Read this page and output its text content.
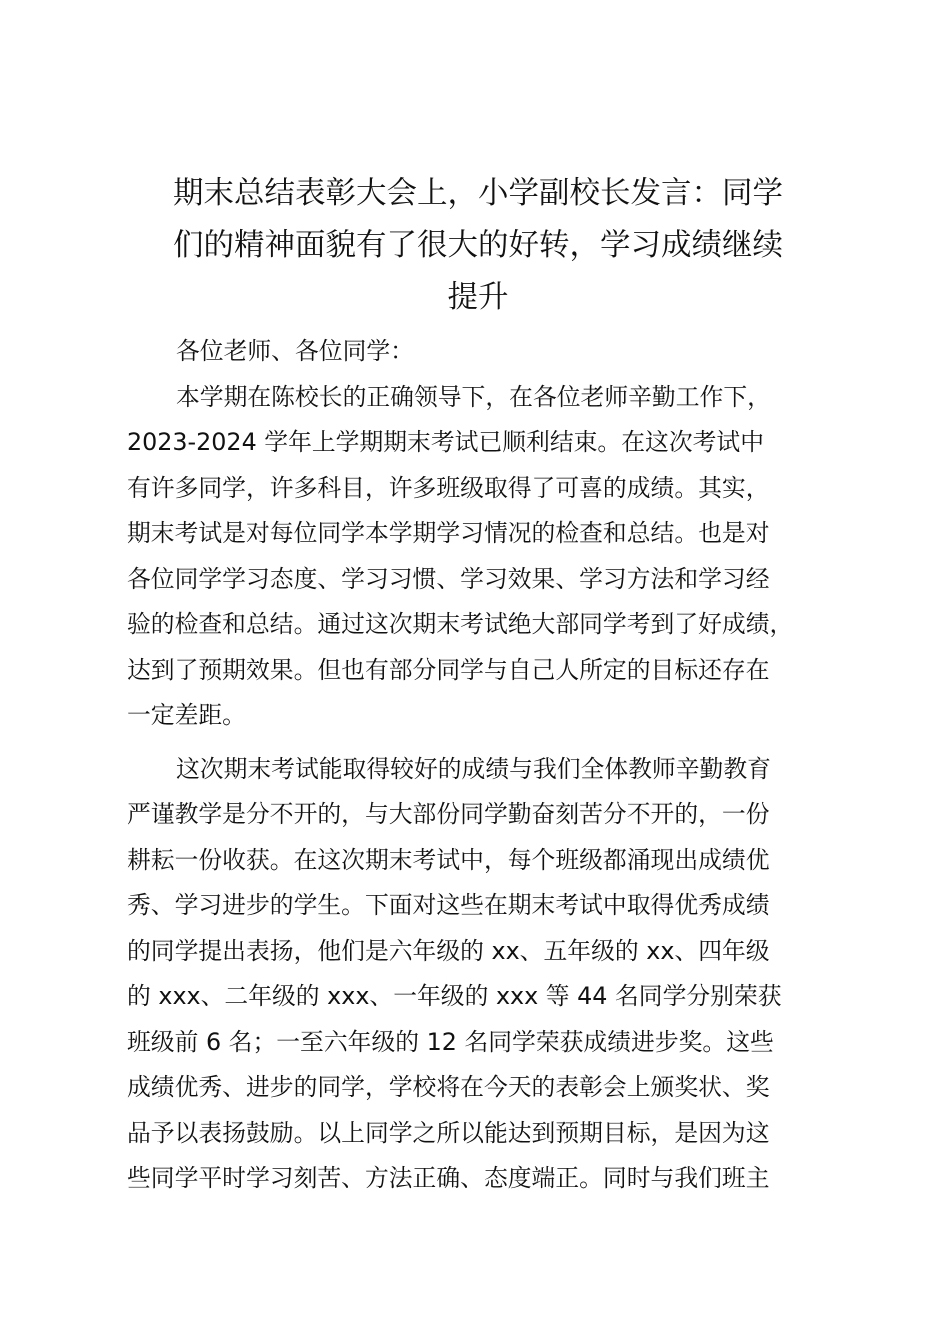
期末总结表彰大会上，小学副校长发言：同学
们的精神面貌有了很大的好转，学习成绩继续
提升

各位老师、各位同学：

本学期在陈校长的正确领导下，在各位老师辛勤工作下，
2023-2024 学年上学期期末考试已顺利结束。在这次考试中
有许多同学，许多科目，许多班级取得了可喜的成绩。其实，
期末考试是对每位同学本学期学习情况的检查和总结。也是对
各位同学学习态度、学习习惯、学习效果、学习方法和学习经
验的检查和总结。通过这次期末考试绝大部同学考到了好成绩，
达到了预期效果。但也有部分同学与自己人所定的目标还存在
一定差距。

这次期末考试能取得较好的成绩与我们全体教师辛勤教育
严谨教学是分不开的，与大部份同学勤奋刻苦分不开的，一份
耕耘一份收获。在这次期末考试中，每个班级都涌现出成绩优
秀、学习进步的学生。下面对这些在期末考试中取得优秀成绩
的同学提出表扬，他们是六年级的 xx、五年级的 xx、四年级
的 xxx、二年级的 xxx、一年级的 xxx 等 44 名同学分别荣获
班级前 6 名；一至六年级的 12 名同学荣获成绩进步奖。这些
成绩优秀、进步的同学，学校将在今天的表彰会上颁奖状、奖
品予以表扬鼓励。以上同学之所以能达到预期目标，是因为这
些同学平时学习刻苦、方法正确、态度端正。同时与我们班主
